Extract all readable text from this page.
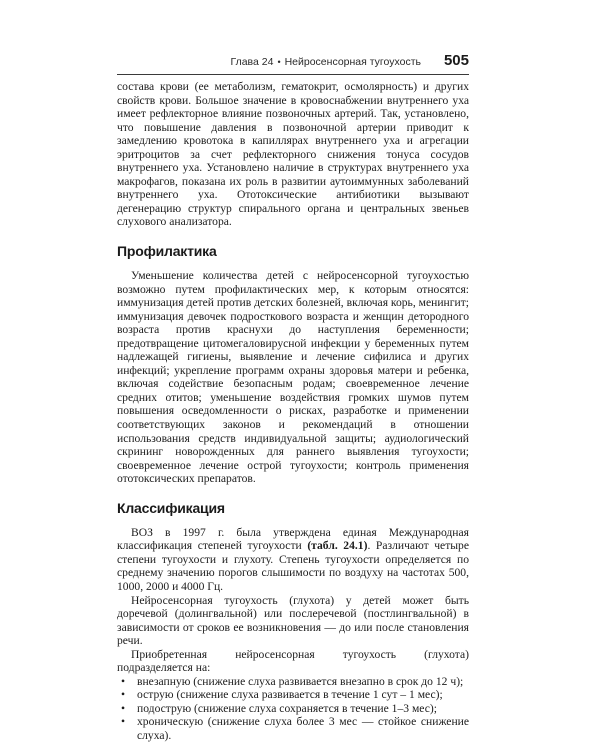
Глава 24 • Нейросенсорная тугоухость 505

состава крови (ее метаболизм, гематокрит, осмолярность) и других свойств крови. Большое значение в кровоснабжении внутреннего уха имеет рефлекторное влияние позвоночных артерий. Так, установлено, что повышение давления в позвоночной артерии приводит к замедлению кровотока в капиллярах внутреннего уха и агрегации эритроцитов за счет рефлекторного снижения тонуса сосудов внутреннего уха. Установлено наличие в структурах внутреннего уха макрофагов, показана их роль в развитии аутоиммунных заболеваний внутреннего уха. Ототоксические антибиотики вызывают дегенерацию структур спирального органа и центральных звеньев слухового анализатора.

Профилактика

Уменьшение количества детей с нейросенсорной тугоухостью возможно путем профилактических мер, к которым относятся: иммунизация детей против детских болезней, включая корь, менингит; иммунизация девочек подросткового возраста и женщин детородного возраста против краснухи до наступления беременности; предотвращение цитомегаловирусной инфекции у беременных путем надлежащей гигиены, выявление и лечение сифилиса и других инфекций; укрепление программ охраны здоровья матери и ребенка, включая содействие безопасным родам; своевременное лечение средних отитов; уменьшение воздействия громких шумов путем повышения осведомленности о рисках, разработке и применении соответствующих законов и рекомендаций в отношении использования средств индивидуальной защиты; аудиологический скрининг новорожденных для раннего выявления тугоухости; своевременное лечение острой тугоухости; контроль применения ототоксических препаратов.

Классификация

ВОЗ в 1997 г. была утверждена единая Международная классификация степеней тугоухости (табл. 24.1). Различают четыре степени тугоухости и глухоту. Степень тугоухости определяется по среднему значению порогов слышимости по воздуху на частотах 500, 1000, 2000 и 4000 Гц.

Нейросенсорная тугоухость (глухота) у детей может быть доречевой (долингвальной) или послеречевой (постлингвальной) в зависимости от сроков ее возникновения — до или после становления речи.

Приобретенная нейросенсорная тугоухость (глухота) подразделяется на:

• внезапную (снижение слуха развивается внезапно в срок до 12 ч);
• острую (снижение слуха развивается в течение 1 сут – 1 мес);
• подострую (снижение слуха сохраняется в течение 1–3 мес);
• хроническую (снижение слуха более 3 мес — стойкое снижение слуха).
